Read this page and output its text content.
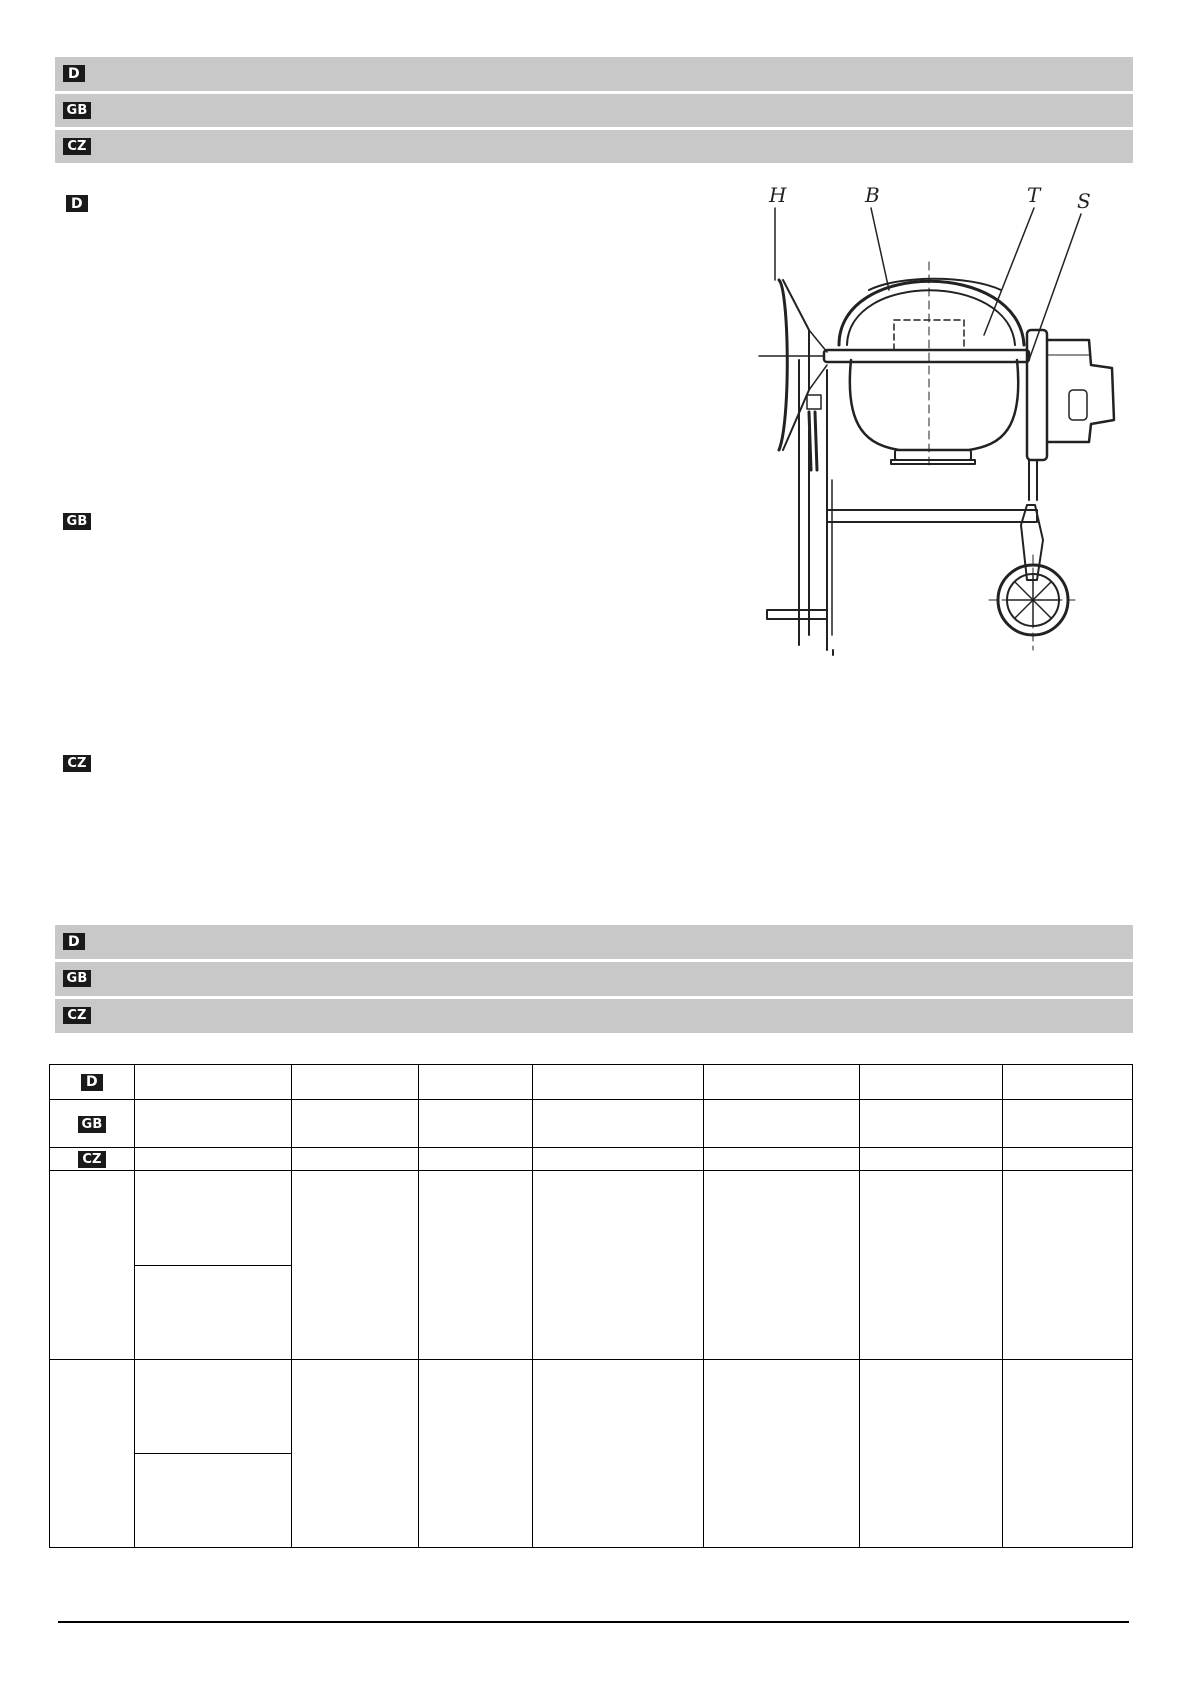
D
GB
CZ
D
GB
CZ
H	B	T S
D
GB
CZ
D							
GB							
CZ							
